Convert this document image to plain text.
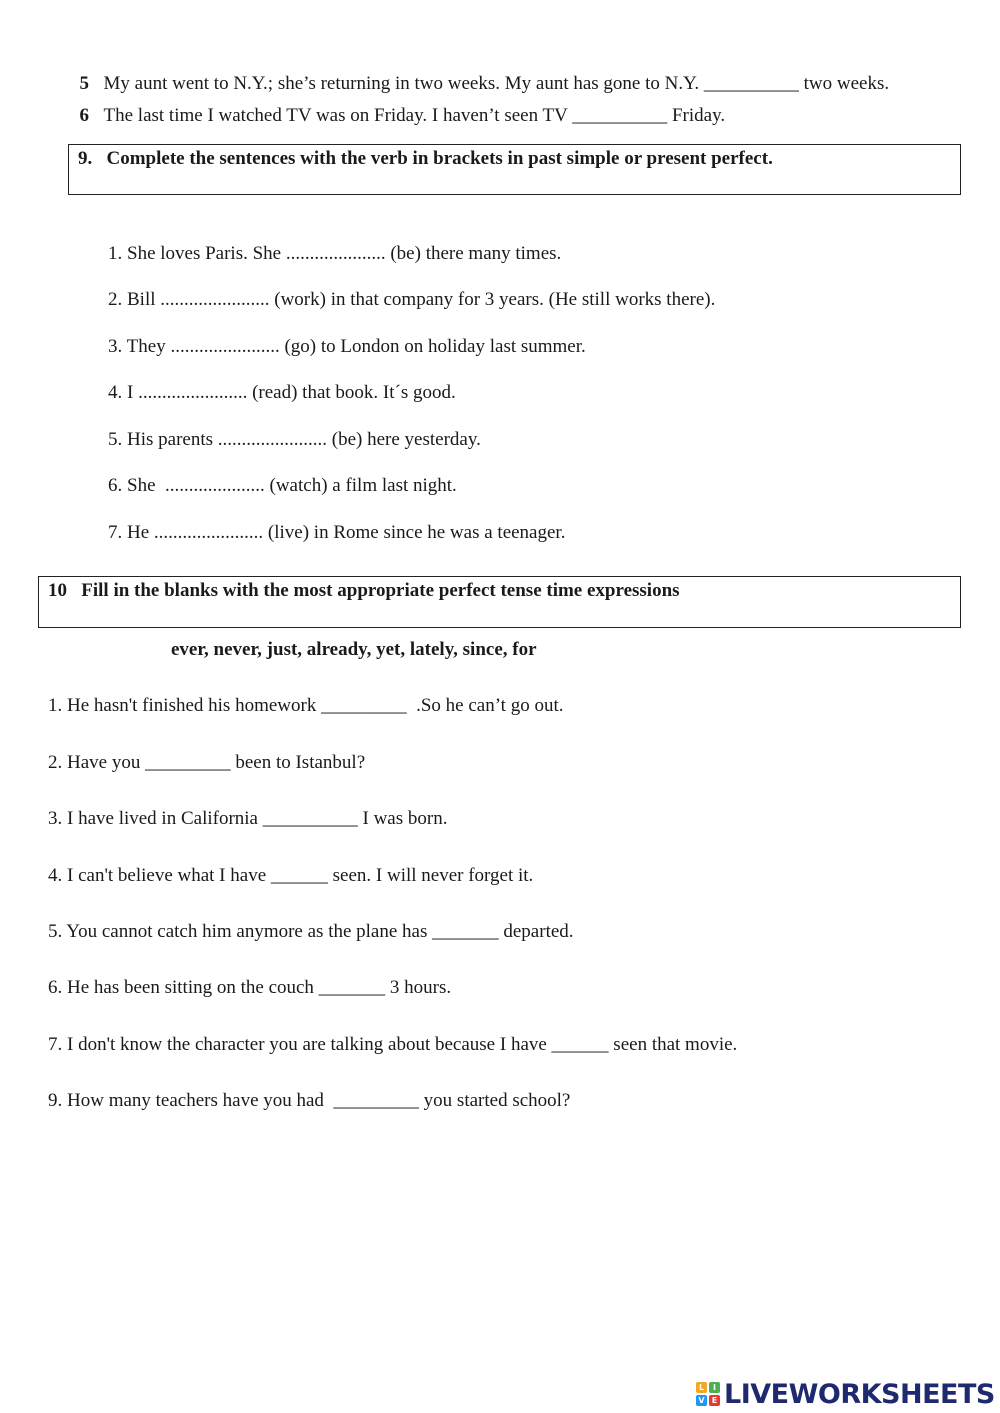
5 My aunt went to N.Y.; she’s returning in two weeks. My aunt has gone to N.Y. __________ two weeks.

6 The last time I watched TV was on Friday. I haven’t seen TV __________ Friday.

9.   Complete the sentences with the verb in brackets in past simple or present perfect.
1. She loves Paris. She ..................... (be) there many times.
2. Bill ....................... (work) in that company for 3 years. (He still works there).
3. They ....................... (go) to London on holiday last summer.
4. I ....................... (read) that book. It´s good.
5. His parents ....................... (be) here yesterday.
6. She  ..................... (watch) a film last night.
7. He ....................... (live) in Rome since he was a teenager.
10   Fill in the blanks with the most appropriate perfect tense time expressions
ever, never, just, already, yet, lately, since, for
1. He hasn't finished his homework _________  .So he can’t go out.
2. Have you _________ been to Istanbul?
3. I have lived in California __________ I was born.
4. I can't believe what I have ______ seen. I will never forget it.
5. You cannot catch him anymore as the plane has _______ departed.
6. He has been sitting on the couch _______ 3 hours.
7. I don't know the character you are talking about because I have ______ seen that movie.
9. How many teachers have you had  _________ you started school?
L	I
V E LIVEWORKSHEETS
